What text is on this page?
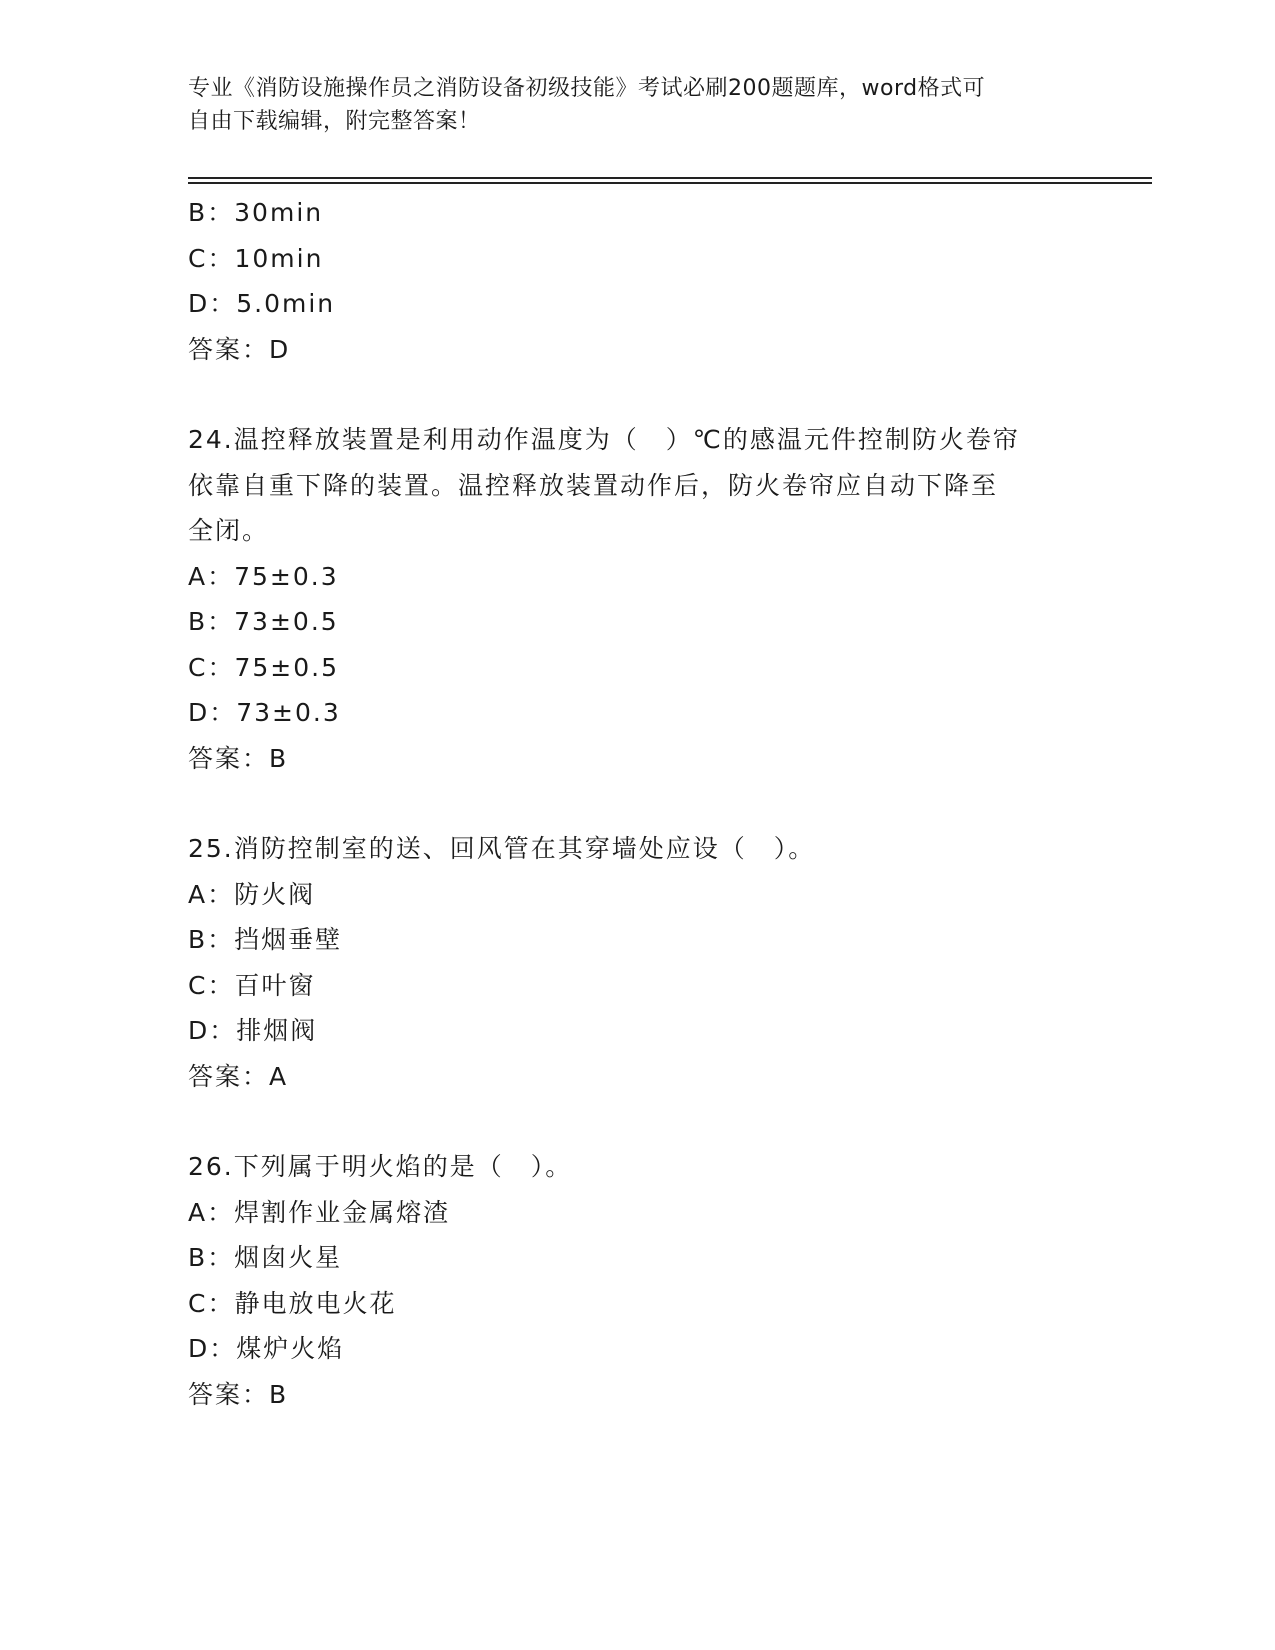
专业《消防设施操作员之消防设备初级技能》考试必刷200题题库，word格式可
自由下载编辑，附完整答案！
B：30min
C：10min
D：5.0min
答案：D
24.温控释放装置是利用动作温度为（　）℃的感温元件控制防火卷帘
依靠自重下降的装置。温控释放装置动作后，防火卷帘应自动下降至
全闭。
A：75±0.3
B：73±0.5
C：75±0.5
D：73±0.3
答案：B
25.消防控制室的送、回风管在其穿墙处应设（　）。
A：防火阀
B：挡烟垂壁
C：百叶窗
D：排烟阀
答案：A
26.下列属于明火焰的是（　）。
A：焊割作业金属熔渣
B：烟囱火星
C：静电放电火花
D：煤炉火焰
答案：B
